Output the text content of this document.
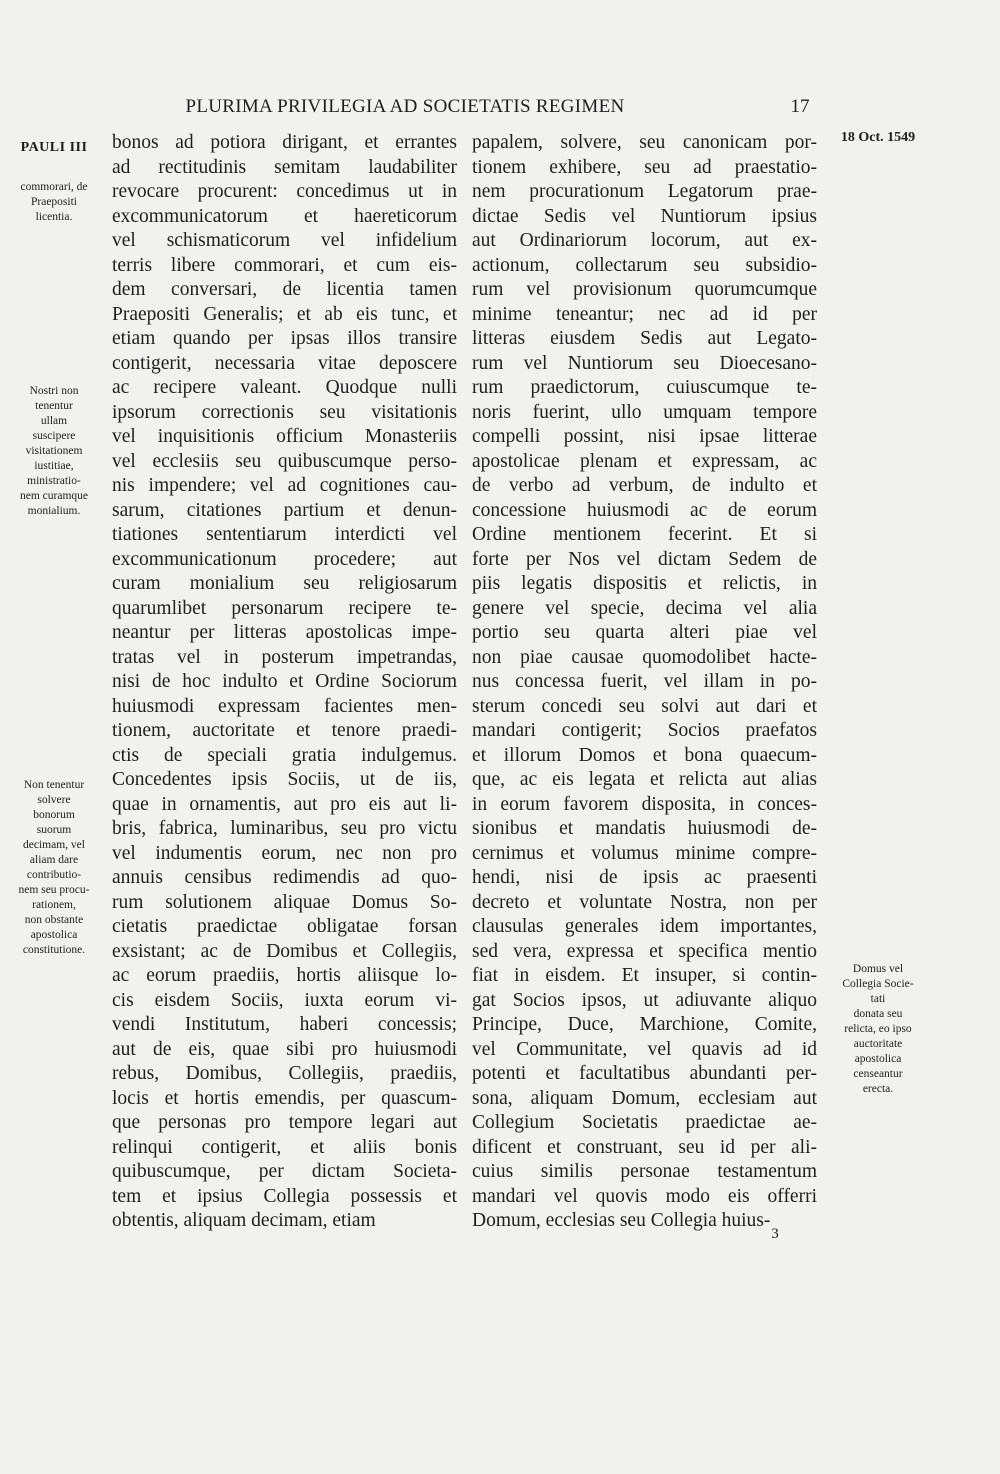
PLURIMA PRIVILEGIA AD SOCIETATIS REGIMEN	17
PAULI III
18 Oct. 1549
commorari, de
Praepositi
licentia.
Nostri non
tenentur
ullam
suscipere
visitationem
iustitiae,
ministratio-
nem curamque
monialium.
Non tenentur
solvere
bonorum
suorum
decimam, vel
aliam dare
contributio-
nem seu procu-
rationem,
non obstante
apostolica
constitutione.
Domus vel
Collegia Socie-
tati
donata seu
relicta, eo ipso
auctoritate
apostolica
censeantur
erecta.
bonos ad potiora dirigant, et errantes
ad rectitudinis semitam laudabiliter
revocare procurent: concedimus ut in
excommunicatorum et haereticorum
vel schismaticorum vel infidelium
terris libere commorari, et cum eis-
dem conversari, de licentia tamen
Praepositi Generalis; et ab eis tunc, et
etiam quando per ipsas illos transire
contigerit, necessaria vitae deposcere
ac recipere valeant. Quodque nulli
ipsorum correctionis seu visitationis
vel inquisitionis officium Monasteriis
vel ecclesiis seu quibuscumque perso-
nis impendere; vel ad cognitiones cau-
sarum, citationes partium et denun-
tiationes sententiarum interdicti vel
excommunicationum procedere; aut
curam monialium seu religiosarum
quarumlibet personarum recipere te-
neantur per litteras apostolicas impe-
tratas vel in posterum impetrandas,
nisi de hoc indulto et Ordine Sociorum
huiusmodi expressam facientes men-
tionem, auctoritate et tenore praedi-
ctis de speciali gratia indulgemus.
Concedentes ipsis Sociis, ut de iis,
quae in ornamentis, aut pro eis aut li-
bris, fabrica, luminaribus, seu pro victu
vel indumentis eorum, nec non pro
annuis censibus redimendis ad quo-
rum solutionem aliquae Domus So-
cietatis praedictae obligatae forsan
exsistant; ac de Domibus et Collegiis,
ac eorum praediis, hortis aliisque lo-
cis eisdem Sociis, iuxta eorum vi-
vendi Institutum, haberi concessis;
aut de eis, quae sibi pro huiusmodi
rebus, Domibus, Collegiis, praediis,
locis et hortis emendis, per quascum-
que personas pro tempore legari aut
relinqui contigerit, et aliis bonis
quibuscumque, per dictam Societa-
tem et ipsius Collegia possessis et
obtentis, aliquam decimam, etiam
papalem, solvere, seu canonicam por-
tionem exhibere, seu ad praestatio-
nem procurationum Legatorum prae-
dictae Sedis vel Nuntiorum ipsius
aut Ordinariorum locorum, aut ex-
actionum, collectarum seu subsidio-
rum vel provisionum quorumcumque
minime teneantur; nec ad id per
litteras eiusdem Sedis aut Legato-
rum vel Nuntiorum seu Dioecesano-
rum praedictorum, cuiuscumque te-
noris fuerint, ullo umquam tempore
compelli possint, nisi ipsae litterae
apostolicae plenam et expressam, ac
de verbo ad verbum, de indulto et
concessione huiusmodi ac de eorum
Ordine mentionem fecerint. Et si
forte per Nos vel dictam Sedem de
piis legatis dispositis et relictis, in
genere vel specie, decima vel alia
portio seu quarta alteri piae vel
non piae causae quomodolibet hacte-
nus concessa fuerit, vel illam in po-
sterum concedi seu solvi aut dari et
mandari contigerit; Socios praefatos
et illorum Domos et bona quaecum-
que, ac eis legata et relicta aut alias
in eorum favorem disposita, in conces-
sionibus et mandatis huiusmodi de-
cernimus et volumus minime compre-
hendi, nisi de ipsis ac praesenti
decreto et voluntate Nostra, non per
clausulas generales idem importantes,
sed vera, expressa et specifica mentio
fiat in eisdem. Et insuper, si contin-
gat Socios ipsos, ut adiuvante aliquo
Principe, Duce, Marchione, Comite,
vel Communitate, vel quavis ad id
potenti et facultatibus abundanti per-
sona, aliquam Domum, ecclesiam aut
Collegium Societatis praedictae ae-
dificent et construant, seu id per ali-
cuius similis personae testamentum
mandari vel quovis modo eis offerri
Domum, ecclesias seu Collegia huius-
3
